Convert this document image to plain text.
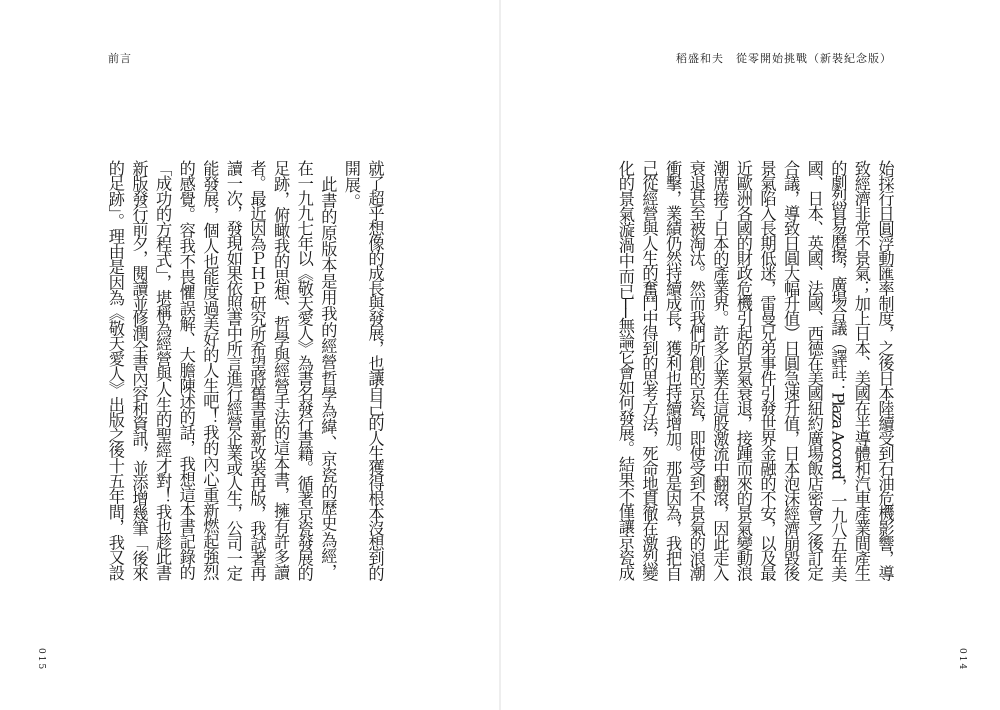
前言	稻盛和夫　從零開始挑戰（新裝紀念版）
就了超乎想像的成長與發展，也讓自己的人生獲得根本沒想到的
開展。
　此書的原版本是用我的經營哲學為緯、京瓷的歷史為經，
在一九九七年以《敬天愛人》為書名發行書籍。循著京瓷發展的
足跡，俯瞰我的思想、哲學與經營手法的這本書，擁有許多讀
者。最近因為ＰＨＰ研究所希望將舊書重新改裝再版，我試著再
讀一次，發現如果依照書中所言進行經營企業或人生，公司一定
能發展，個人也能度過美好的人生吧！我的內心重新燃起強烈
的感覺。容我不畏懼誤解、大膽陳述的話，我想這本書記錄的
「成功的方程式」，堪稱為經營與人生的聖經才對！我也趁此書
新版發行前夕，閱讀並修潤全書內容和資訊，並添增幾筆「後來
的足跡」。理由是因為《敬天愛人》出版之後十五年間，我又設	始採行日圓浮動匯率制度，之後日本陸續受到石油危機影響，導
致經濟非常不景氣；加上日本、美國在半導體和汽車產業間產生
的劇烈貿易磨擦，廣場合議（譯註：Plaza Accord，一九八五年美
國、日本、英國、法國、西德在美國紐約廣場飯店密會之後訂定
合議，導致日圓大幅升值）日圓急速升值，日本泡沫經濟崩毀後
景氣陷入長期低迷，雷曼兄弟事件引發世界金融的不安，以及最
近歐洲各國的財政危機引起的景氣衰退，接踵而來的景氣變動浪
潮席捲了日本的產業界。許多企業在這股激流中翻滾，因此走入
衰退甚至被淘汰。然而我們所創的京瓷，即使受到不景氣的浪潮
衝擊，業績仍然持續成長，獲利也持續增加。那是因為，我把自
己從經營與人生的奮鬥中得到的思考方法，死命地貫徹在激烈變
化的景氣漩渦中而已──無論它會如何發展。結果不僅讓京瓷成
015	014
